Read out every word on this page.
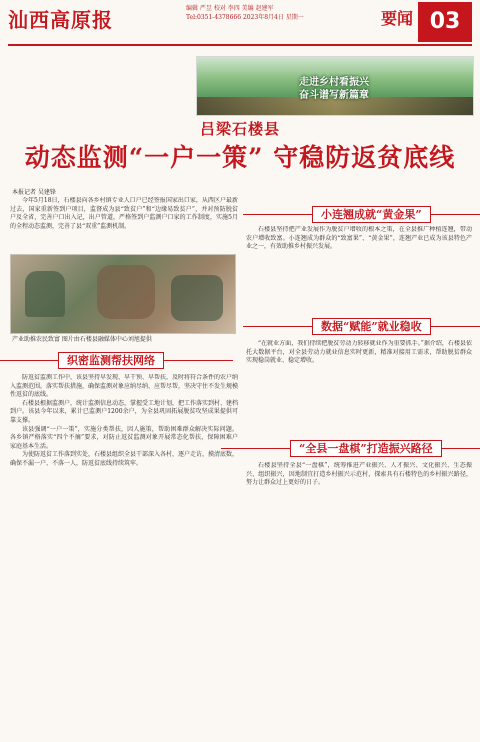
汕西高原报	编辑 严昱 校对 李四 美编 赵建军
Tel:0351-4378666 2023年8月4日 星期一	要闻 03
走进乡村看振兴
奋斗谱写新篇章
吕梁石楼县
动态监测“一户一策” 守稳防返贫底线
本报记者 吴建锋

今年5月18日，石楼县向各乡村镇专业人口户已经签报国家出口家，从西区户最新过去，国家重新签到户项目，监督成为县“致贫户”和“边缘易致贫户”，并对预防脱贫户及全省，完善户口出入记，出户管道，严格签到户监测户口家的工作制度，实施5月的全程动态监测，完善了县“双重”监测机制。

小连翘成就“黄金果”

石楼县坚持把产业发展作为脱贫户增收的根本之策，在全县推广种植连翘，带动农户增收致富。小连翘成为群众的“致富果”、“黄金果”，连翘产业已成为该县特色产业之一，有效助推乡村振兴发展。

产业助推农民致富 图片由石楼县融媒体中心刘旭提供
数据“赋能”就业稳收

“在就业方面，我们持续把脱贫劳动力转移就业作为重要抓手。”据介绍，石楼县依托大数据平台，对全县劳动力就业信息实时更新，精准对接用工需求，帮助脱贫群众实现稳岗就业、稳定增收。

织密监测帮扶网络

防返贫监测工作中，该县坚持早发现、早干预、早帮扶，及时将符合条件的农户纳入监测范围，落实帮扶措施，确保监测对象应纳尽纳、应帮尽帮，坚决守住不发生规模性返贫的底线。

石楼县根据监测户，统计监测信息动态，掌握受工地计划，把工作落实到村、建档到户。该县今年以来，累计已监测户1200余户，为全县巩固拓展脱贫攻坚成果提供可靠支撑。

该县强调“一户一策”，实施分类帮扶，因人施策，帮助困难群众解决实际问题。各乡镇严格落实“四个不摘”要求，对防止返贫监测对象开展常态化帮扶，保障困难户家庭基本生活。

为使防返贫工作落到实处，石楼县组织全县干部深入各村，逐户走访，摸清底数，确保不漏一户、不落一人，防返贫底线持续筑牢。

“全县一盘棋”打造振兴路径

石楼县坚持全县“一盘棋”，统筹推进产业振兴、人才振兴、文化振兴、生态振兴、组织振兴，因地制宜打造乡村振兴示范村，探索具有石楼特色的乡村振兴路径，努力让群众过上更好的日子。
